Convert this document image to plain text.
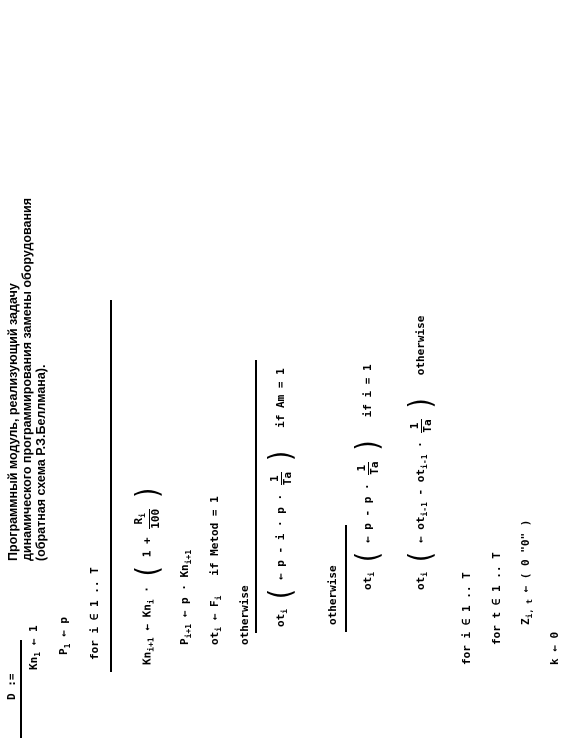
Программный модуль, реализующий задачу динамического программирования замены оборудования (обратная схема Р.З.Беллмана).
D :=
$Kn_1$ ← 1
$P_1$ ← p for i ∈ 1 .. T	$Kn_{i+1}$ ← $Kn_i$ · ( 1 +
$R_i$ 100
)
$P_{i+1}$ ← $p \cdot Kn_{i+1}$
$ot_i$ ← $F_i$   if Metod = 1
otherwise	$ot_i$ ( ← p - i · p ·
1 Ta
)   if Am = 1
otherwise	$ot_i$ ( ← p - p ·
1 Ta
)   if i = 1
$ot_i$ ( ← $ot_{i-1} - ot_{i-1}$ ·
1 Ta
)   otherwise
for i ∈ 1 .. T for t ∈ 1 .. T $Z_{i, t}$ ← ( 0 "0" )
k ← 0
